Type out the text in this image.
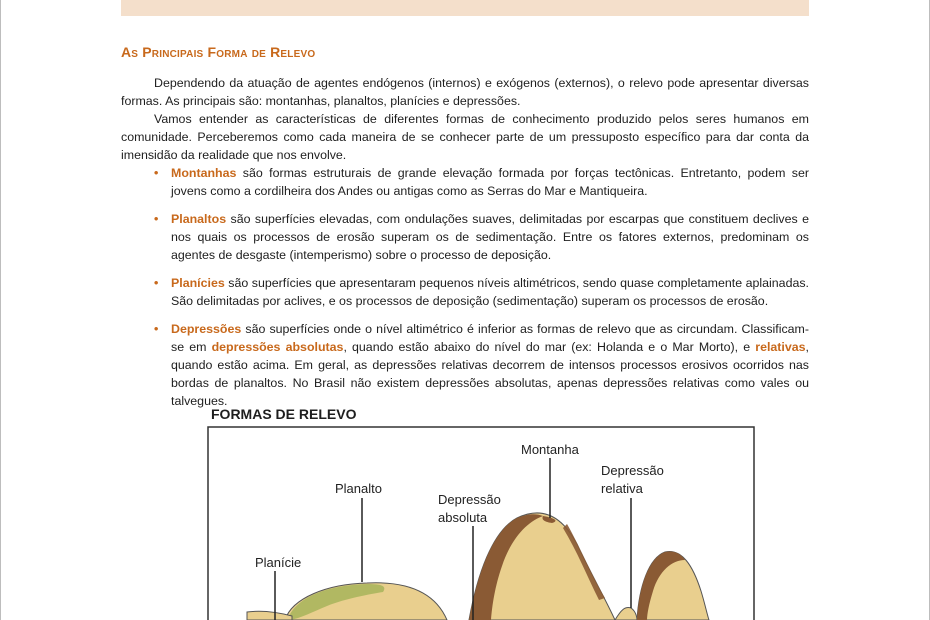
As Principais Forma de Relevo

Dependendo da atuação de agentes endógenos (internos) e exógenos (externos), o relevo pode apresentar diversas formas. As principais são: montanhas, planaltos, planícies e depressões.

Vamos entender as características de diferentes formas de conhecimento produzido pelos seres humanos em comunidade. Perceberemos como cada maneira de se conhecer parte de um pressuposto específico para dar conta da imensidão da realidade que nos envolve.

• Montanhas são formas estruturais de grande elevação formada por forças tectônicas. Entretanto, podem ser jovens como a cordilheira dos Andes ou antigas como as Serras do Mar e Mantiqueira.
• Planaltos são superfícies elevadas, com ondulações suaves, delimitadas por escarpas que constituem declives e nos quais os processos de erosão superam os de sedimentação. Entre os fatores externos, predominam os agentes de desgaste (intemperismo) sobre o processo de deposição.
• Planícies são superfícies que apresentaram pequenos níveis altimétricos, sendo quase completamente aplainadas. São delimitadas por aclives, e os processos de deposição (sedimentação) superam os processos de erosão.
• Depressões são superfícies onde o nível altimétrico é inferior as formas de relevo que as circundam. Classificam-se em depressões absolutas, quando estão abaixo do nível do mar (ex: Holanda e o Mar Morto), e relativas, quando estão acima. Em geral, as depressões relativas decorrem de intensos processos erosivos ocorridos nas bordas de planaltos. No Brasil não existem depressões absolutas, apenas depressões relativas como vales ou talvegues.
FORMAS DE RELEVO
Planície
Planalto
Depressão
absoluta
Montanha
Depressão
relativa
